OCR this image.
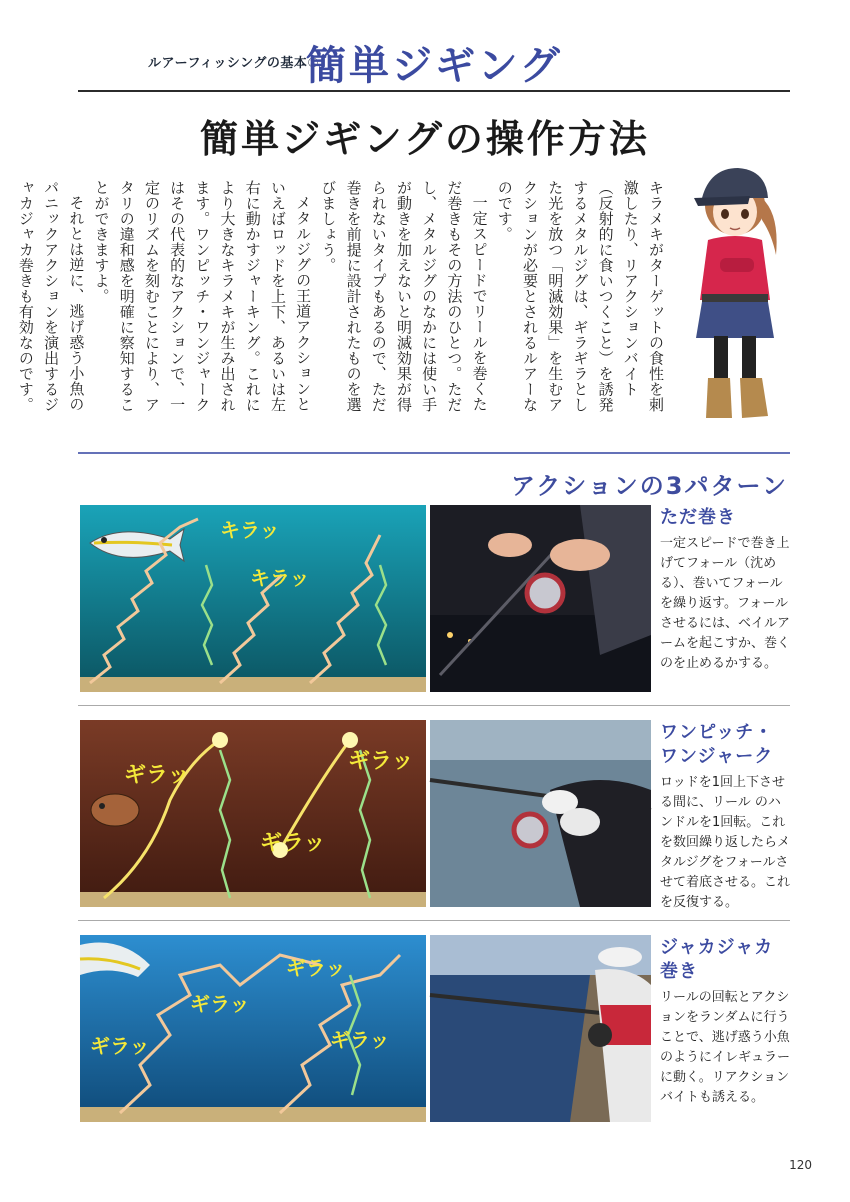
ルアーフィッシングの基本①
簡単ジギング
簡単ジギングの操作方法

キラメキがターゲットの食性を刺激したり、リアクションバイト（反射的に食いつくこと）を誘発するメタルジグは、ギラギラとした光を放つ「明滅効果」を生むアクションが必要とされるルアーなのです。

一定スピードでリールを巻くただ巻きもその方法のひとつ。ただし、メタルジグのなかには使い手が動きを加えないと明滅効果が得られないタイプもあるので、ただ巻きを前提に設計されたものを選びましょう。

メタルジグの王道アクションといえばロッドを上下、あるいは左右に動かすジャーキング。これにより大きなキラメキが生み出されます。ワンピッチ・ワンジャークはその代表的なアクションで、一定のリズムを刻むことにより、アタリの違和感を明確に察知することができますよ。

それとは逆に、逃げ惑う小魚のパニックアクションを演出するジャカジャカ巻きも有効なのです。

アクションの3パターン
キラッ
キラッ
ただ巻き
一定スピードで巻き上げてフォール（沈める）、巻いてフォールを繰り返す。フォールさせるには、ベイルアームを起こすか、巻くのを止めるかする。
ギラッ
ギラッ
ギラッ
ワンピッチ・ワンジャーク
ロッドを1回上下させる間に、リール のハンドルを1回転。これを数回繰り返したらメタルジグをフォールさせて着底させる。これを反復する。
ギラッ
ギラッ
ギラッ
ギラッ
ジャカジャカ巻き
リールの回転とアクションをランダムに行うことで、逃げ惑う小魚のようにイレギュラーに動く。リアクションバイトも誘える。
120
